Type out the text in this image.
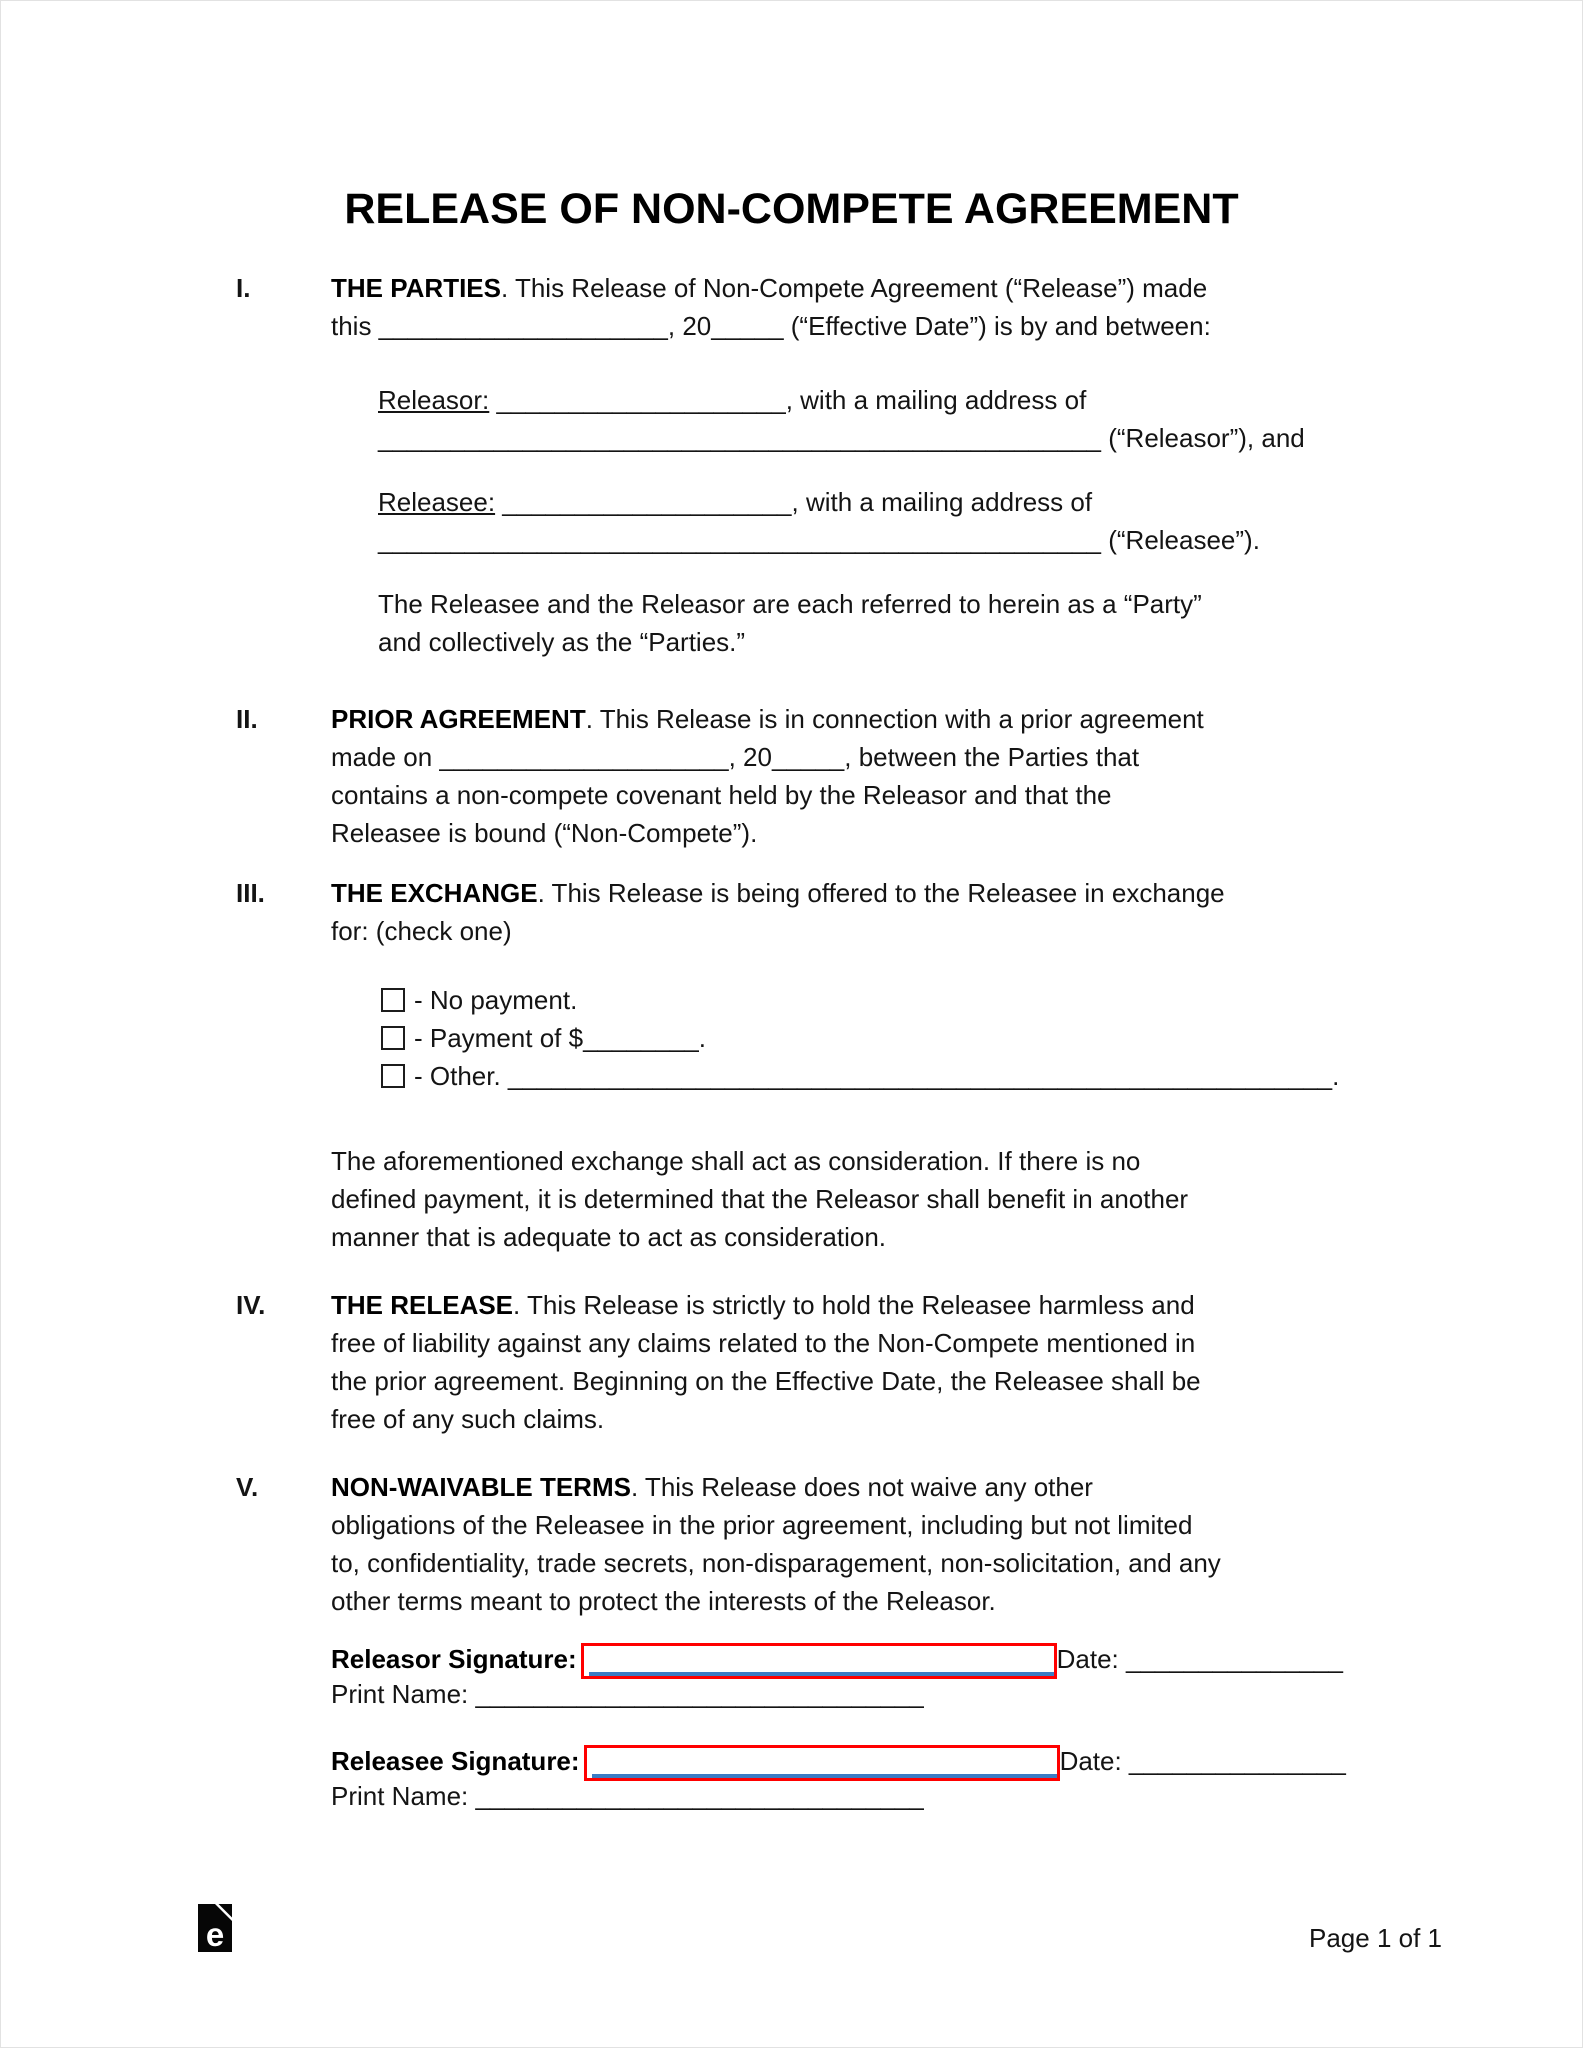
RELEASE OF NON-COMPETE AGREEMENT
I.	THE PARTIES. This Release of Non-Compete Agreement (“Release”) made
this ____________________, 20_____ (“Effective Date”) is by and between:
Releasor: ____________________, with a mailing address of
__________________________________________________ (“Releasor”), and
Releasee: ____________________, with a mailing address of
__________________________________________________ (“Releasee”).
The Releasee and the Releasor are each referred to herein as a “Party”
and collectively as the “Parties.”
II.	PRIOR AGREEMENT. This Release is in connection with a prior agreement
made on ____________________, 20_____, between the Parties that
contains a non-compete covenant held by the Releasor and that the
Releasee is bound (“Non-Compete”).
III.	THE EXCHANGE. This Release is being offered to the Releasee in exchange
for: (check one)
- No payment.
- Payment of $________.
- Other. _________________________________________________________.
The aforementioned exchange shall act as consideration. If there is no
defined payment, it is determined that the Releasor shall benefit in another
manner that is adequate to act as consideration.
IV.	THE RELEASE. This Release is strictly to hold the Releasee harmless and
free of liability against any claims related to the Non-Compete mentioned in
the prior agreement. Beginning on the Effective Date, the Releasee shall be
free of any such claims.
V.	NON-WAIVABLE TERMS. This Release does not waive any other
obligations of the Releasee in the prior agreement, including but not limited
to, confidentiality, trade secrets, non-disparagement, non-solicitation, and any
other terms meant to protect the interests of the Releasor.
Releasor Signature:	Date: _______________
Print Name: _______________________________
Releasee Signature:	Date: _______________
Print Name: _______________________________
e	Page 1 of 1
